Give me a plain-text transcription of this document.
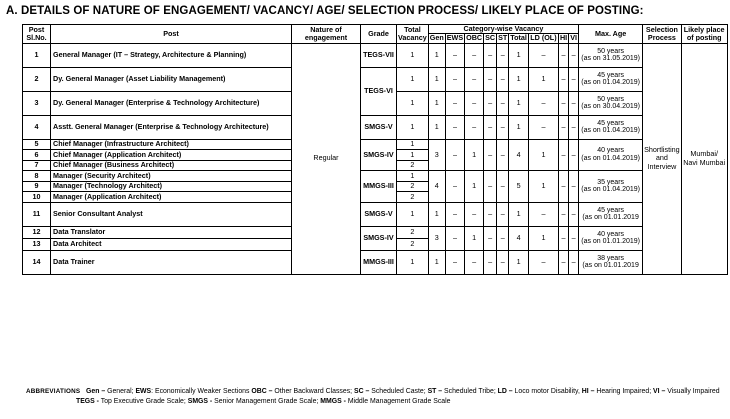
A. DETAILS OF NATURE OF ENGAGEMENT/ VACANCY/ AGE/ SELECTION PROCESS/ LIKELY PLACE OF POSTING:
Post Sl.No.	Post	Nature of engagement	Grade	Total Vacancy	Category-wise Vacancy									Max. Age	Selection Process	Likely place of posting
					Gen	EWS	OBC	SC	ST	Total	LD (OL)	HI	VI			
1	General Manager (IT – Strategy, Architecture & Planning)	Regular	TEGS-VII	1	1	–	–	–	–	1	–	–	–	50 years
(as on 31.05.2019)	Shortlisting and Interview	Mumbai/ Navi Mumbai
2	Dy. General Manager (Asset Liability Management)		TEGS-VI	1	1	–	–	–	–	1	1	–	–	45 years
(as on 01.04.2019)		

3	Dy. General Manager (Enterprise & Technology Architecture)			1	1	–	–	–	–	1	–	–	–	50 years
(as on 30.04.2019)		

4	Asstt. General Manager (Enterprise & Technology Architecture)		SMGS-V	1	1	–	–	–	–	1	–	–	–	45 years
(as on 01.04.2019)		

5	Chief Manager (Infrastructure Architect)		SMGS-IV	1	3	–	1	–	–	4	1	–	–	40 years
(as on 01.04.2019)		

6	Chief Manager (Application Architect)			1												
7	Chief Manager (Business Architect)			2												
8	Manager (Security Architect)		MMGS-III	1	4	–	1	–	–	5	1	–	–	35 years
(as on 01.04.2019)		

9	Manager (Technology Architect)			2												
10	Manager (Application Architect)			2												
11	Senior Consultant Analyst		SMGS-V	1	1	–	–	–	–	1	–	–	–	45 years
(as on 01.01.2019		

12	Data Translator		SMGS-IV	2	3	–	1	–	–	4	1	–	–	40 years
(as on 01.01.2019)		

13	Data Architect			2												
14	Data Trainer		MMGS-III	1	1	–	–	–	–	1	–	–	–	38 years
(as on 01.01.2019		
ABBREVIATIONS Gen – General; EWS: Economically Weaker Sections OBC – Other Backward Classes; SC – Scheduled Caste; ST – Scheduled Tribe; LD – Loco motor Disability, HI – Hearing Impaired; VI – Visually Impaired
TEGS - Top Executive Grade Scale; SMGS - Senior Management Grade Scale; MMGS - Middle Management Grade Scale
